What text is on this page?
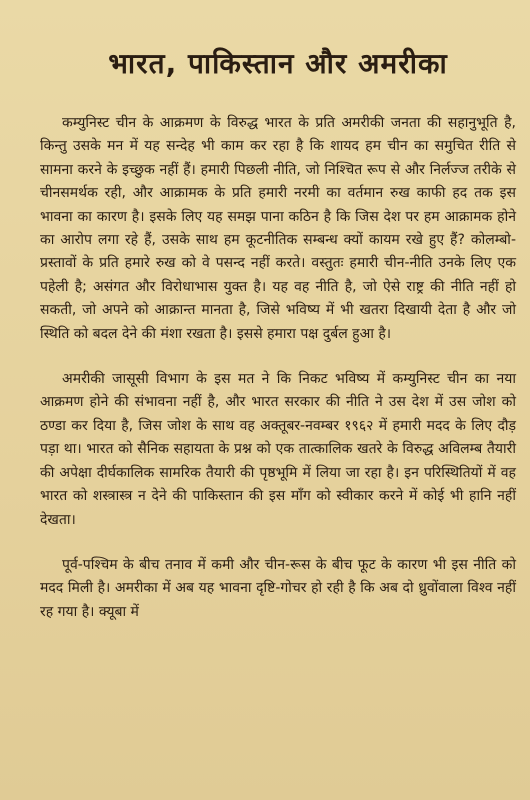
भारत, पाकिस्तान और अमरीका

कम्युनिस्ट चीन के आक्रमण के विरुद्ध भारत के प्रति अमरीकी जनता की सहानुभूति है, किन्तु उसके मन में यह सन्देह भी काम कर रहा है कि शायद हम चीन का समुचित रीति से सामना करने के इच्छुक नहीं हैं। हमारी पिछली नीति, जो निश्चित रूप से और निर्लज्ज तरीके से चीनसमर्थक रही, और आक्रामक के प्रति हमारी नरमी का वर्तमान रुख काफी हद तक इस भावना का कारण है। इसके लिए यह समझ पाना कठिन है कि जिस देश पर हम आक्रामक होने का आरोप लगा रहे हैं, उसके साथ हम कूटनीतिक सम्बन्ध क्यों कायम रखे हुए हैं? कोलम्बो-प्रस्तावों के प्रति हमारे रुख को वे पसन्द नहीं करते। वस्तुतः हमारी चीन-नीति उनके लिए एक पहेली है; असंगत और विरोधाभास युक्त है। यह वह नीति है, जो ऐसे राष्ट्र की नीति नहीं हो सकती, जो अपने को आक्रान्त मानता है, जिसे भविष्य में भी खतरा दिखायी देता है और जो स्थिति को बदल देने की मंशा रखता है। इससे हमारा पक्ष दुर्बल हुआ है।

अमरीकी जासूसी विभाग के इस मत ने कि निकट भविष्य में कम्युनिस्ट चीन का नया आक्रमण होने की संभावना नहीं है, और भारत सरकार की नीति ने उस देश में उस जोश को ठण्डा कर दिया है, जिस जोश के साथ वह अक्तूबर-नवम्बर १९६२ में हमारी मदद के लिए दौड़ पड़ा था। भारत को सैनिक सहायता के प्रश्न को एक तात्कालिक खतरे के विरुद्ध अविलम्ब तैयारी की अपेक्षा दीर्घकालिक सामरिक तैयारी की पृष्ठभूमि में लिया जा रहा है। इन परिस्थितियों में वह भारत को शस्त्रास्त्र न देने की पाकिस्तान की इस माँग को स्वीकार करने में कोई भी हानि नहीं देखता।

पूर्व-पश्चिम के बीच तनाव में कमी और चीन-रूस के बीच फूट के कारण भी इस नीति को मदद मिली है। अमरीका में अब यह भावना दृष्टि-गोचर हो रही है कि अब दो ध्रुवोंवाला विश्व नहीं रह गया है। क्यूबा में
